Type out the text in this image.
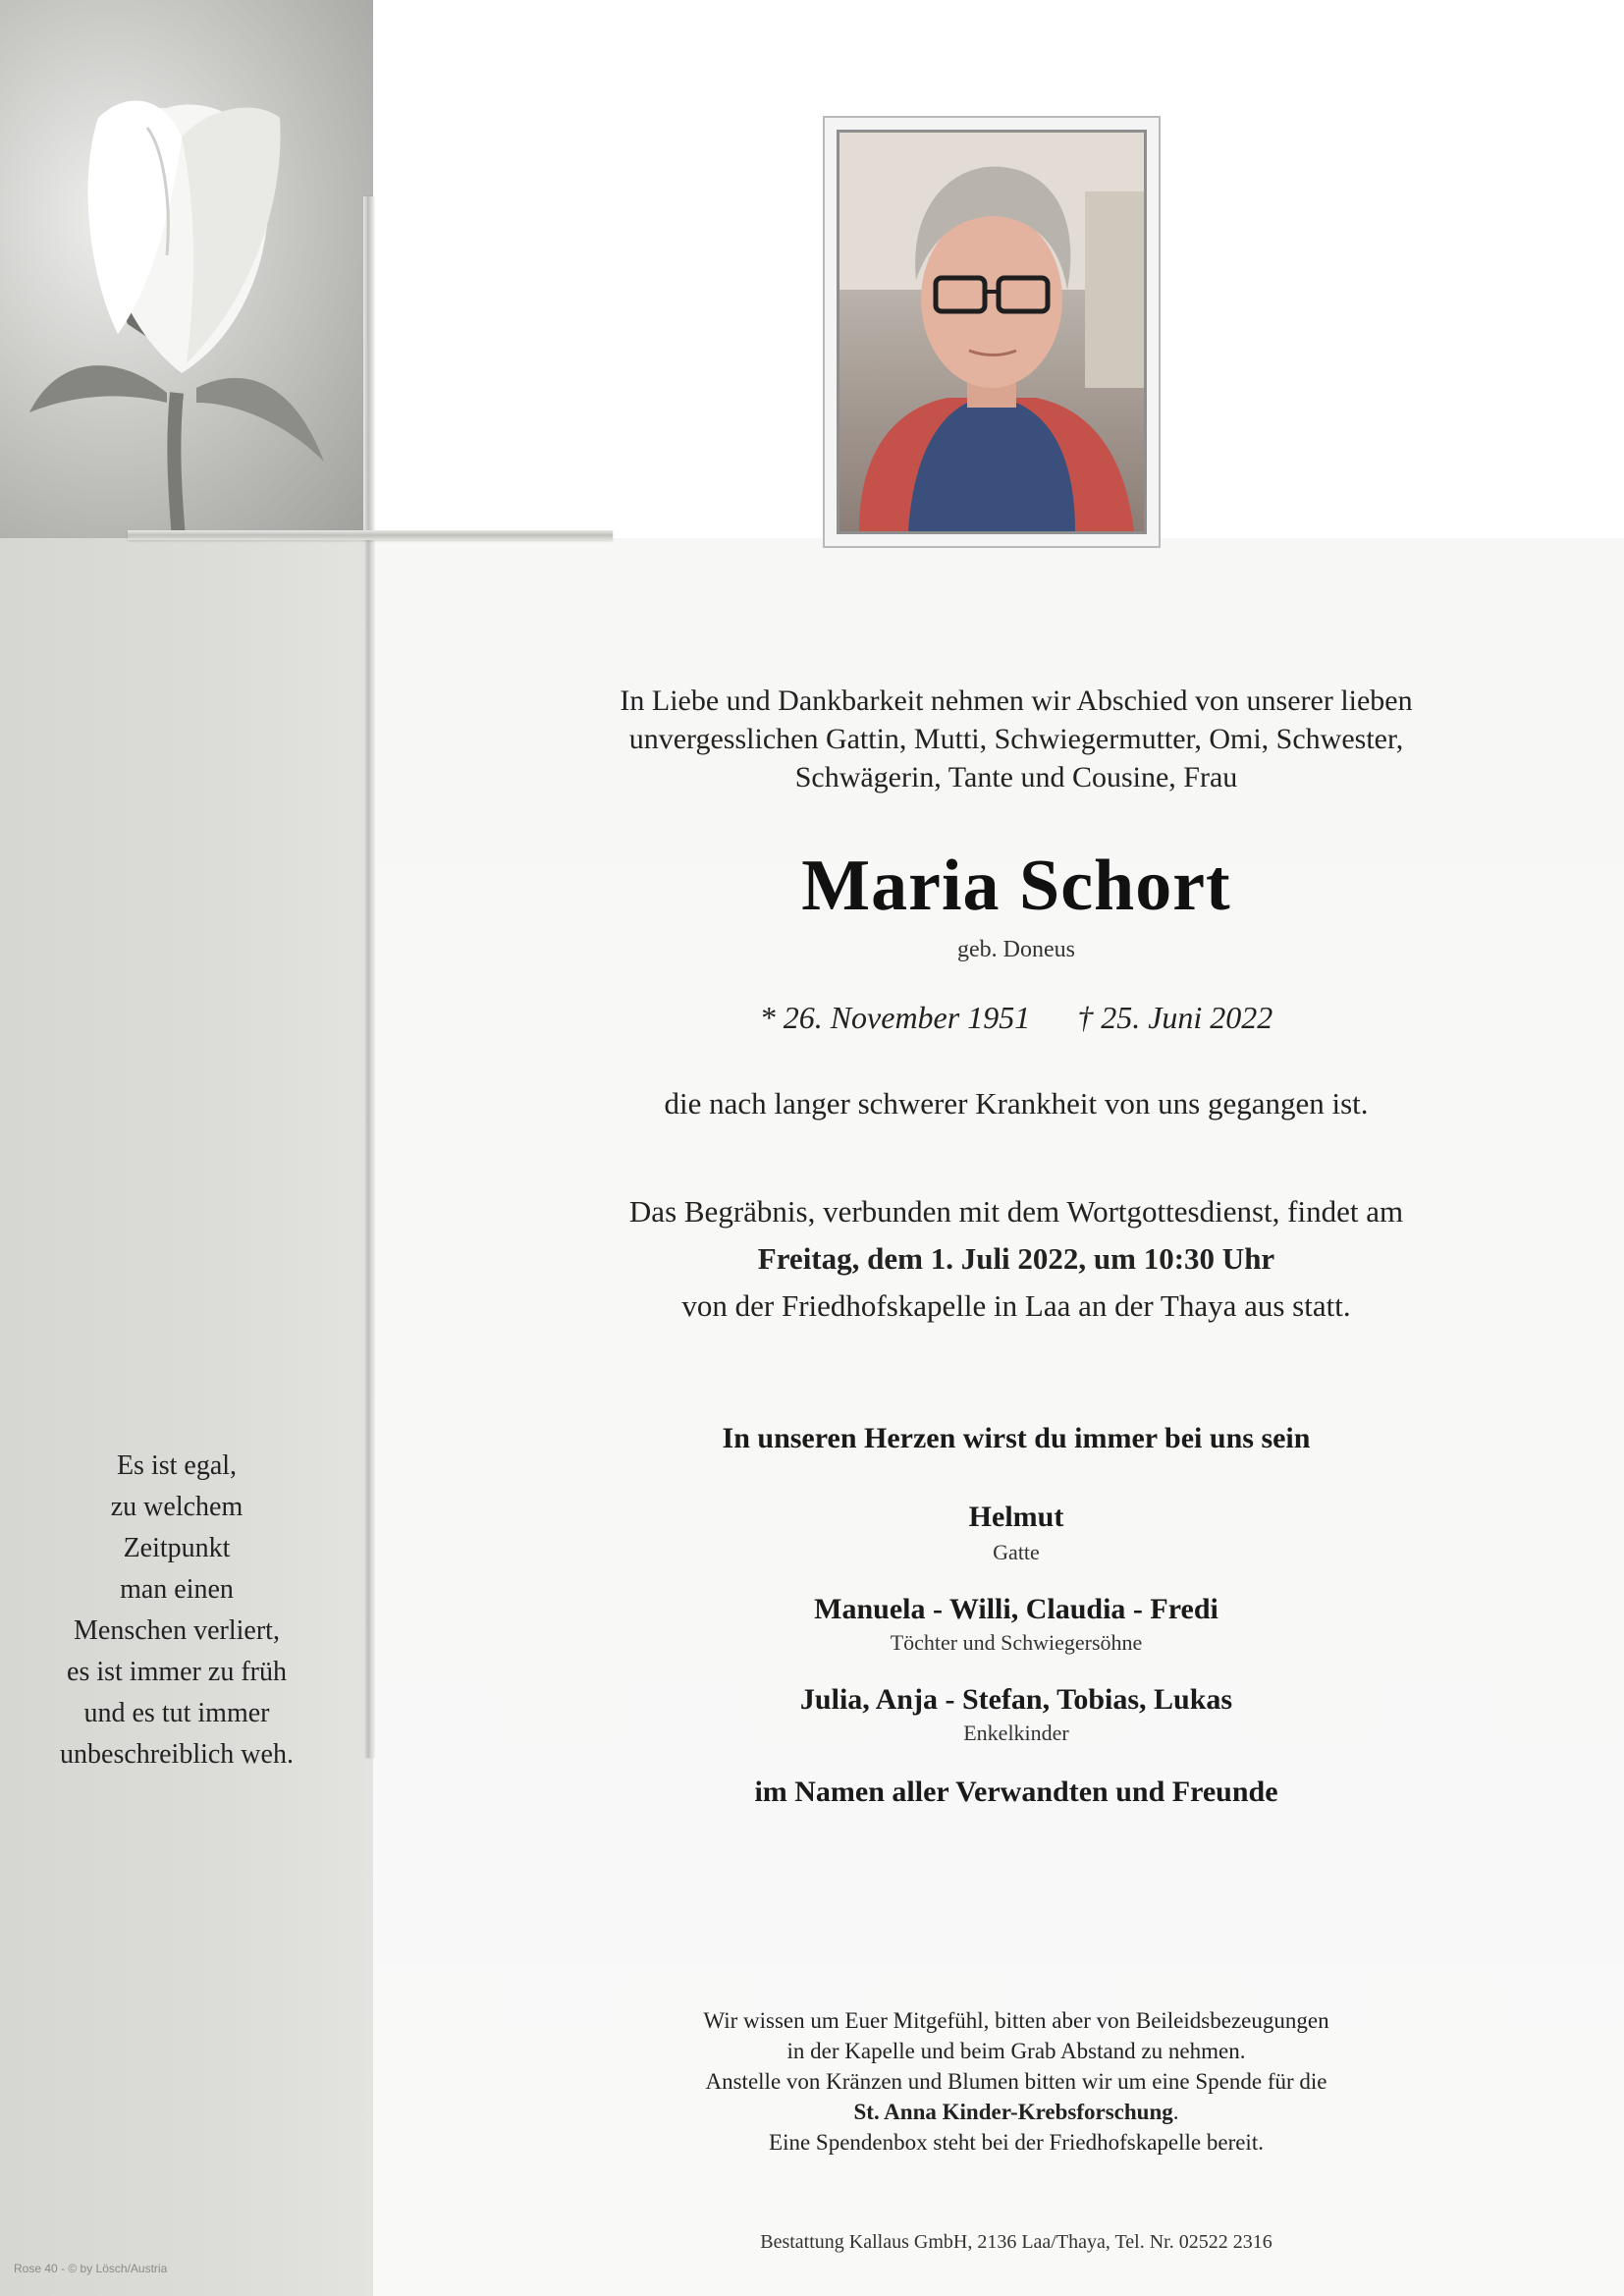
In Liebe und Dankbarkeit nehmen wir Abschied von unserer lieben
unvergesslichen Gattin, Mutti, Schwiegermutter, Omi, Schwester,
Schwägerin, Tante und Cousine, Frau
Maria Schort
geb. Doneus
* 26. November 1951 † 25. Juni 2022
die nach langer schwerer Krankheit von uns gegangen ist.
Das Begräbnis, verbunden mit dem Wortgottesdienst, findet am
Freitag, dem 1. Juli 2022, um 10:30 Uhr
von der Friedhofskapelle in Laa an der Thaya aus statt.
In unseren Herzen wirst du immer bei uns sein
Helmut
Gatte
Manuela - Willi, Claudia - Fredi
Töchter und Schwiegersöhne
Julia, Anja - Stefan, Tobias, Lukas
Enkelkinder
im Namen aller Verwandten und Freunde
Wir wissen um Euer Mitgefühl, bitten aber von Beileidsbezeugungen
in der Kapelle und beim Grab Abstand zu nehmen.
Anstelle von Kränzen und Blumen bitten wir um eine Spende für die
St. Anna Kinder-Krebsforschung.
Eine Spendenbox steht bei der Friedhofskapelle bereit.
Bestattung Kallaus GmbH, 2136 Laa/Thaya, Tel. Nr. 02522 2316
Es ist egal,
zu welchem
Zeitpunkt
man einen
Menschen verliert,
es ist immer zu früh
und es tut immer
unbeschreiblich weh.
Rose 40 - © by Lösch/Austria
